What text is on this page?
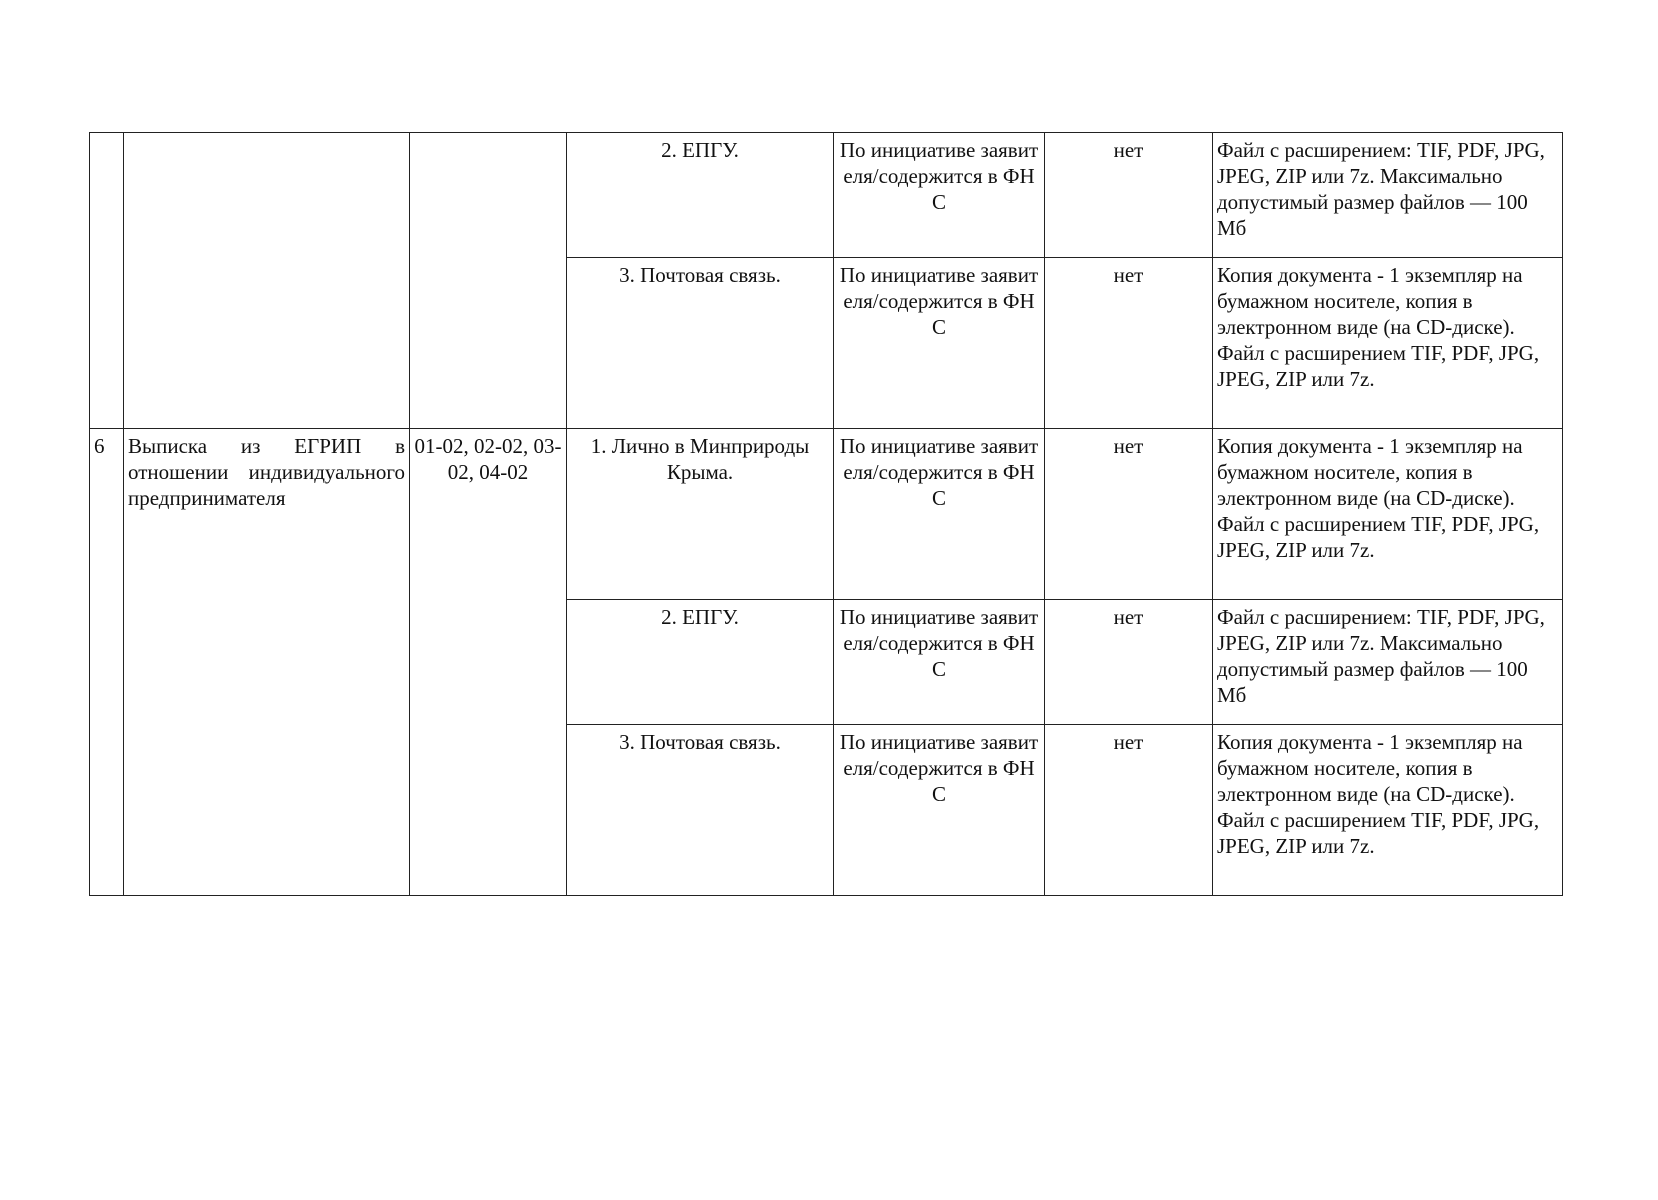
			2. ЕПГУ.	По инициативе заявителя/содержится в ФНС	нет	Файл с расширением: TIF, PDF, JPG, JPEG, ZIP или 7z. Максимально допустимый размер файлов — 100 Мб

			3. Почтовая связь.	По инициативе заявителя/содержится в ФНС	нет	Копия документа - 1 экземпляр на бумажном носителе, копия в электронном виде (на CD-диске). Файл с расширением TIF, PDF, JPG, JPEG, ZIP или 7z.

6	Выписка из ЕГРИП в отношении индивидуального предпринимателя	01-02, 02-02, 03-02, 04-02	1. Лично в Минприроды Крыма.	По инициативе заявителя/содержится в ФНС	нет	Копия документа - 1 экземпляр на бумажном носителе, копия в электронном виде (на CD-диске). Файл с расширением TIF, PDF, JPG, JPEG, ZIP или 7z.

			2. ЕПГУ.	По инициативе заявителя/содержится в ФНС	нет	Файл с расширением: TIF, PDF, JPG, JPEG, ZIP или 7z. Максимально допустимый размер файлов — 100 Мб

			3. Почтовая связь.	По инициативе заявителя/содержится в ФНС	нет	Копия документа - 1 экземпляр на бумажном носителе, копия в электронном виде (на CD-диске). Файл с расширением TIF, PDF, JPG, JPEG, ZIP или 7z.
